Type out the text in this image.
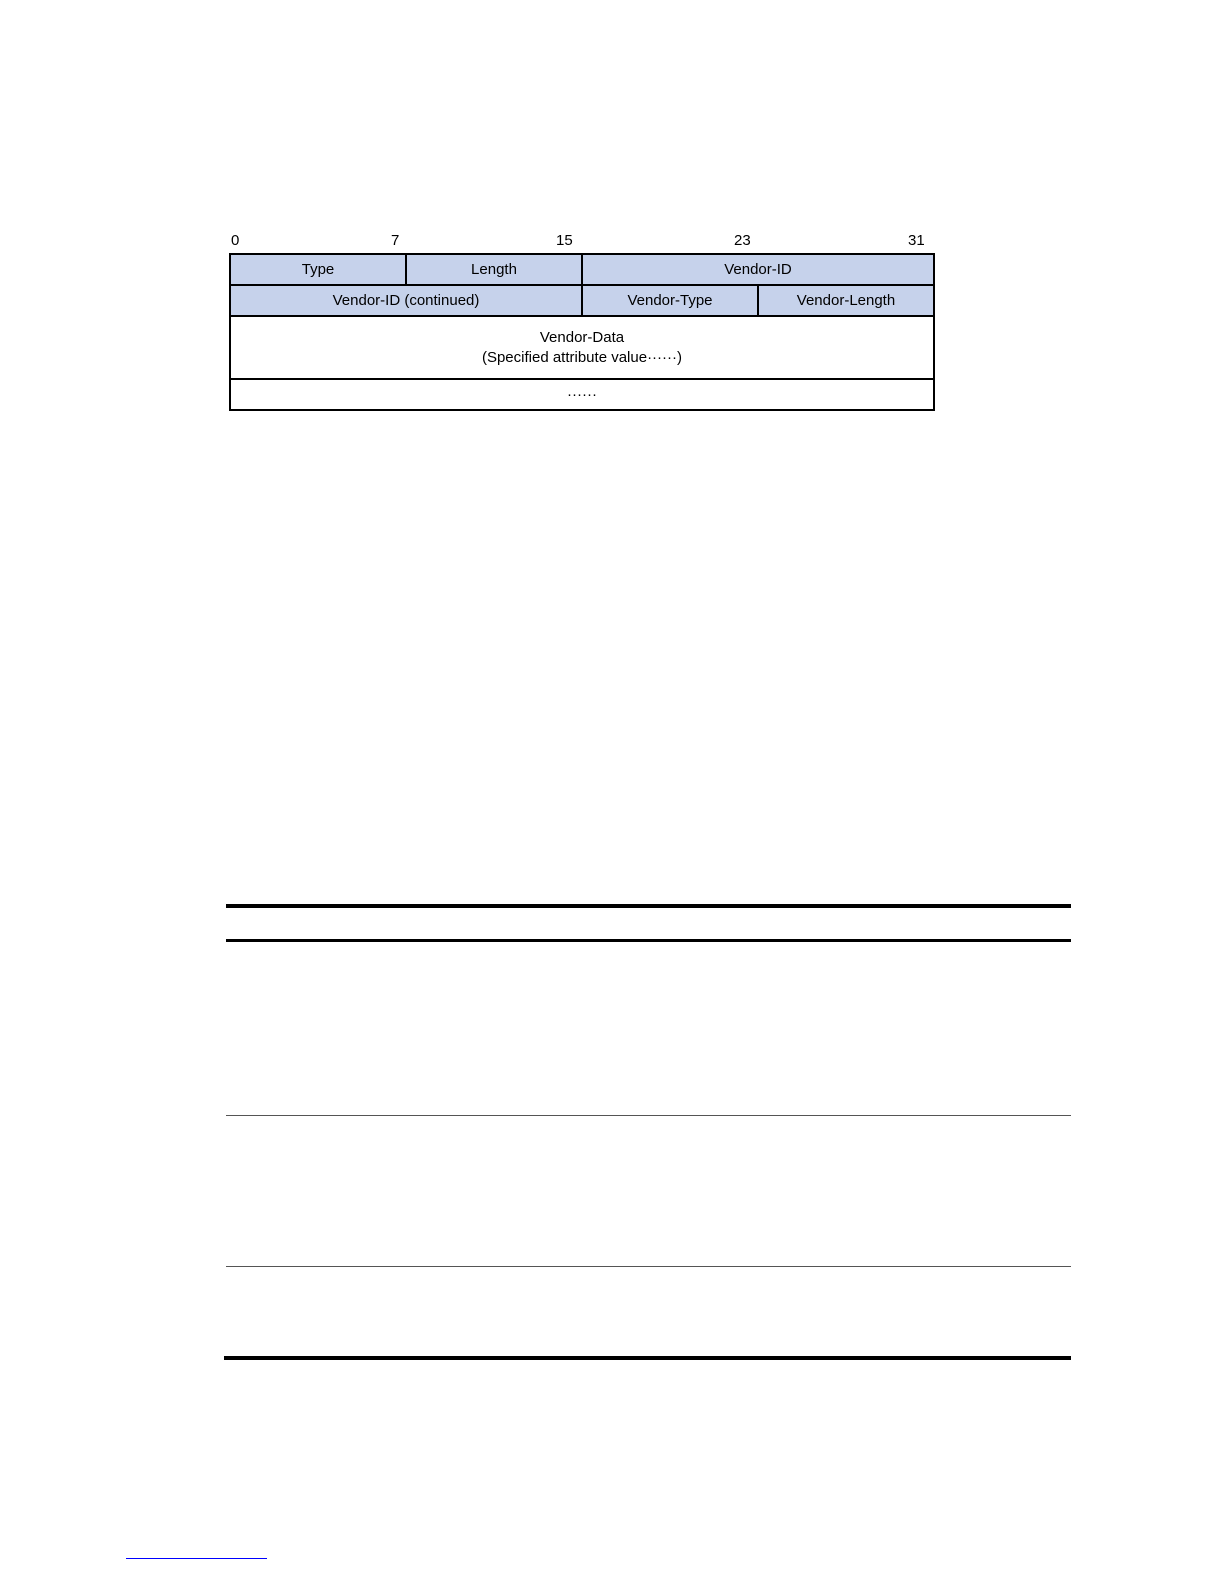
0	7	15	23	31
Type	Length	Vendor-ID	

Vendor-ID (continued)		Vendor-Type	Vendor-Length

Vendor-Data
(Specified attribute value······)			

······			
